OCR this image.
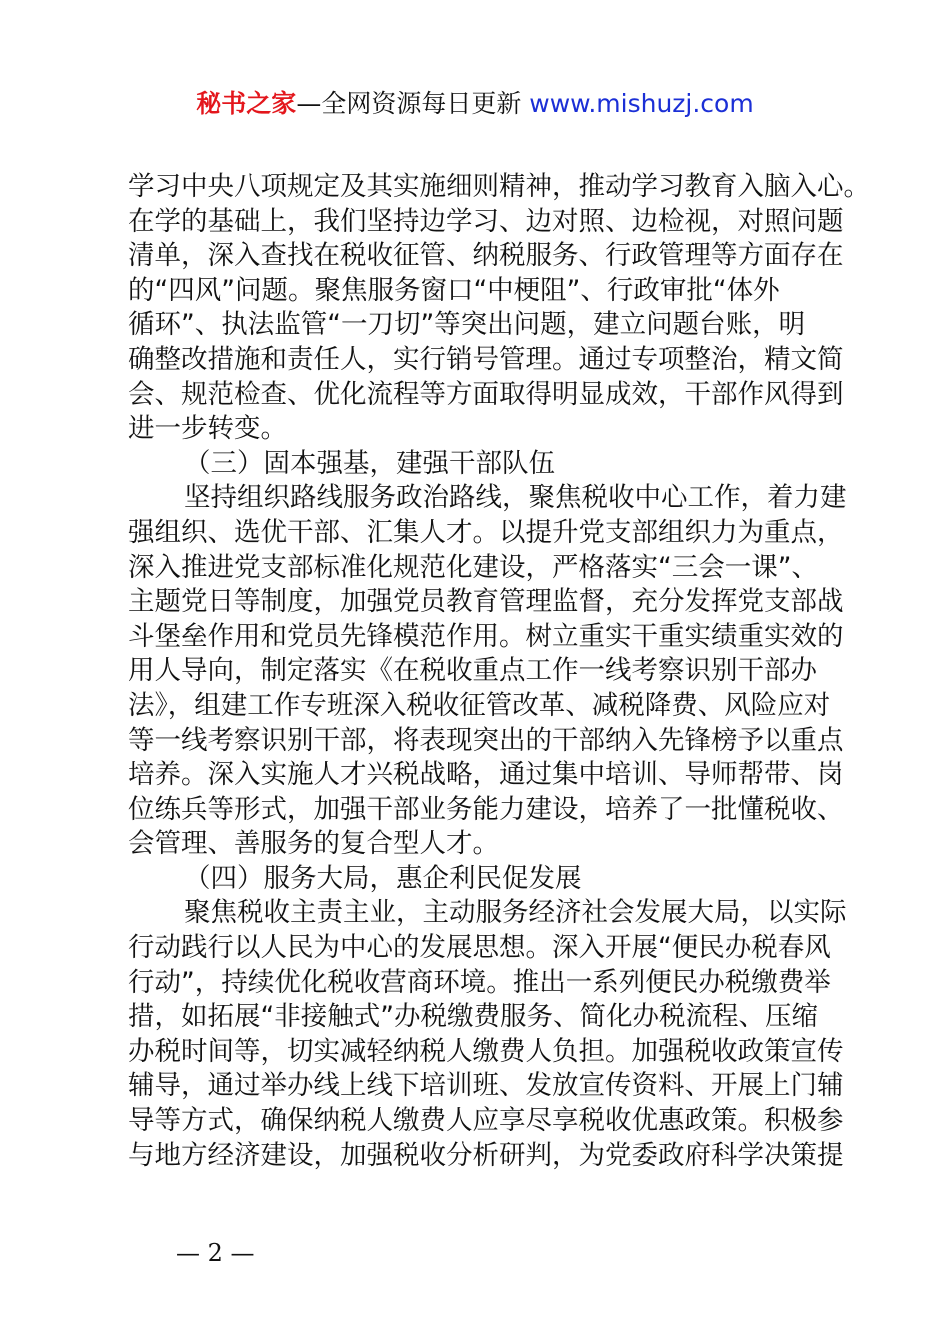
秘书之家—全网资源每日更新 www.mishuzj.com
学习中央八项规定及其实施细则精神，推动学习教育入脑入心。
在学的基础上，我们坚持边学习、边对照、边检视，对照问题
清单，深入查找在税收征管、纳税服务、行政管理等方面存在
的“四风”问题。聚焦服务窗口“中梗阻”、行政审批“体外
循环”、执法监管“一刀切”等突出问题，建立问题台账，明
确整改措施和责任人，实行销号管理。通过专项整治，精文简
会、规范检查、优化流程等方面取得明显成效，干部作风得到
进一步转变。
（三）固本强基，建强干部队伍
坚持组织路线服务政治路线，聚焦税收中心工作，着力建
强组织、选优干部、汇集人才。以提升党支部组织力为重点，
深入推进党支部标准化规范化建设，严格落实“三会一课”、
主题党日等制度，加强党员教育管理监督，充分发挥党支部战
斗堡垒作用和党员先锋模范作用。树立重实干重实绩重实效的
用人导向，制定落实《在税收重点工作一线考察识别干部办
法》，组建工作专班深入税收征管改革、减税降费、风险应对
等一线考察识别干部，将表现突出的干部纳入先锋榜予以重点
培养。深入实施人才兴税战略，通过集中培训、导师帮带、岗
位练兵等形式，加强干部业务能力建设，培养了一批懂税收、
会管理、善服务的复合型人才。
（四）服务大局，惠企利民促发展
聚焦税收主责主业，主动服务经济社会发展大局，以实际
行动践行以人民为中心的发展思想。深入开展“便民办税春风
行动”，持续优化税收营商环境。推出一系列便民办税缴费举
措，如拓展“非接触式”办税缴费服务、简化办税流程、压缩
办税时间等，切实减轻纳税人缴费人负担。加强税收政策宣传
辅导，通过举办线上线下培训班、发放宣传资料、开展上门辅
导等方式，确保纳税人缴费人应享尽享税收优惠政策。积极参
与地方经济建设，加强税收分析研判，为党委政府科学决策提
— 2 —
